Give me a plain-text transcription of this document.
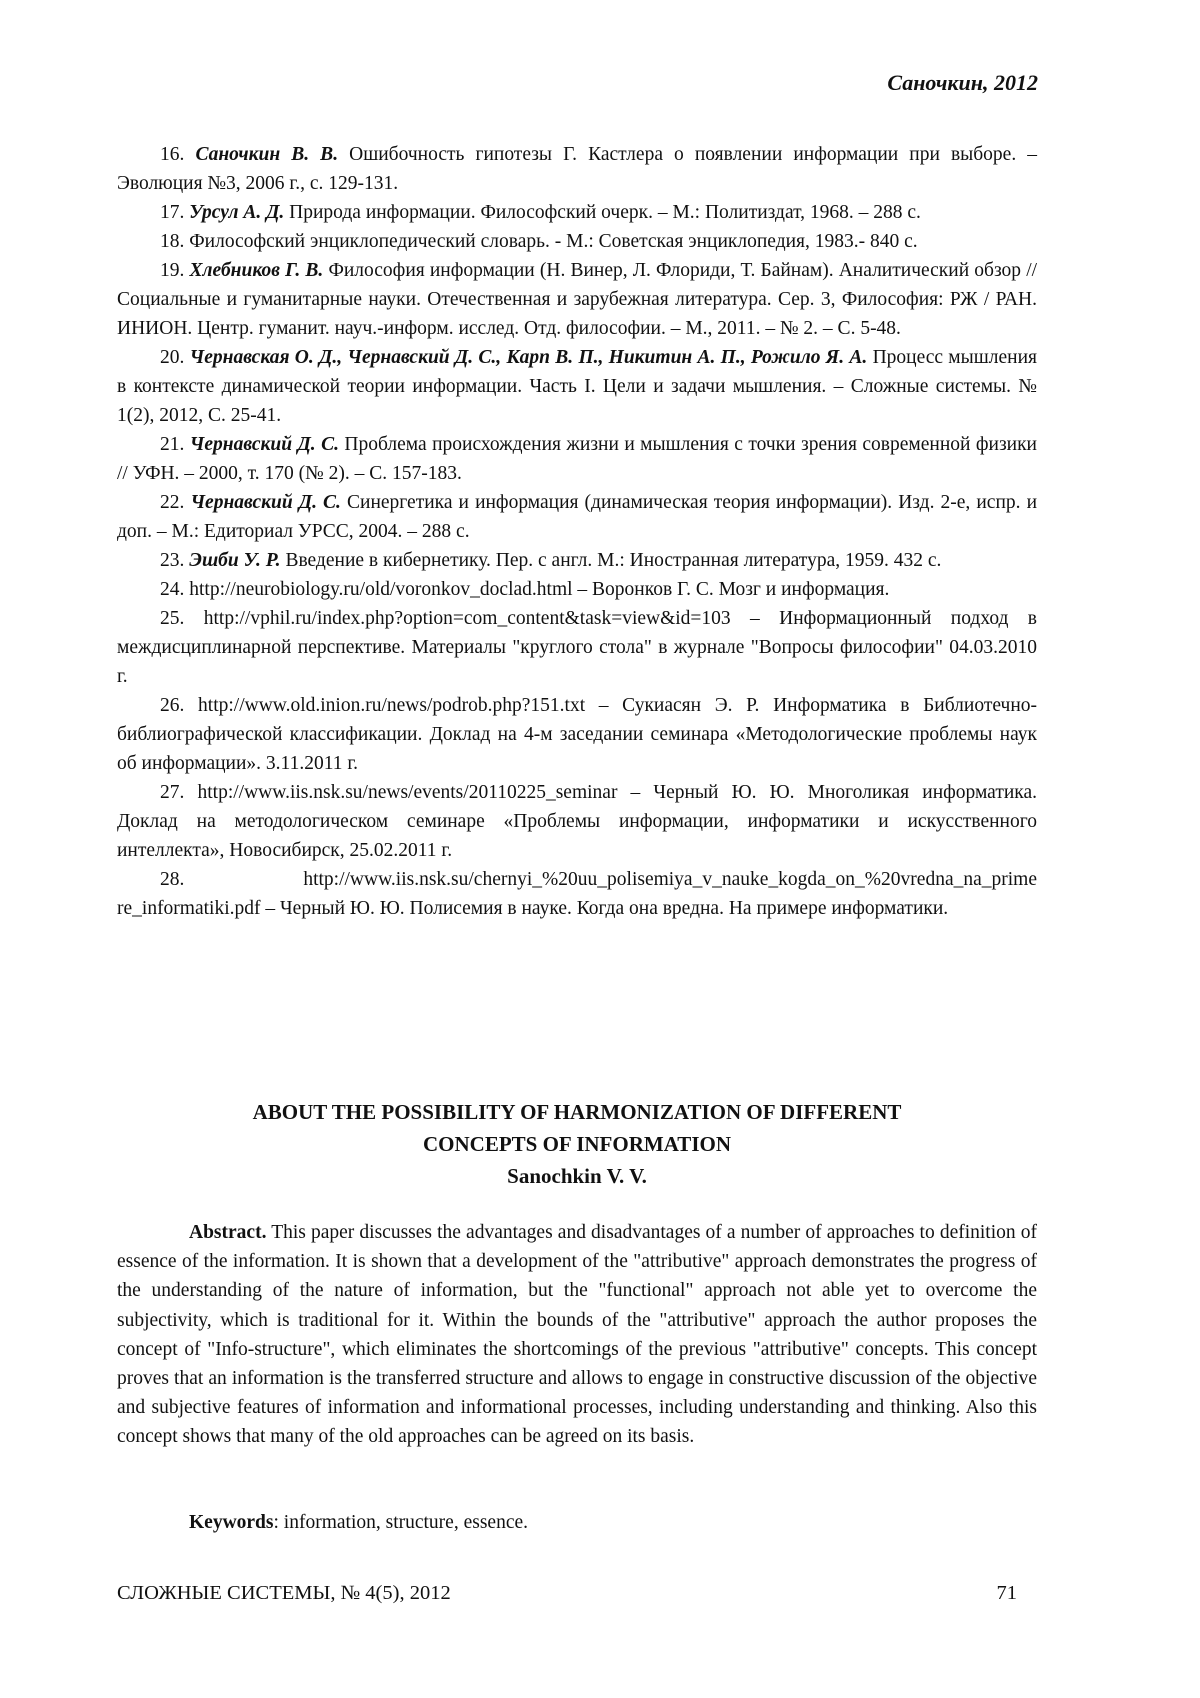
Саночкин, 2012

16. Саночкин В. В. Ошибочность гипотезы Г. Кастлера о появлении информации при выборе. – Эволюция №3, 2006 г., с. 129-131.

17. Урсул А. Д. Природа информации. Философский очерк. – М.: Политиздат, 1968. – 288 с.

18. Философский энциклопедический словарь. - М.: Советская энциклопедия, 1983.- 840 с.

19. Хлебников Г. В. Философия информации (Н. Винер, Л. Флориди, Т. Байнам). Аналитический обзор // Социальные и гуманитарные науки. Отечественная и зарубежная литература. Сер. 3, Философия: РЖ / РАН. ИНИОН. Центр. гуманит. науч.-информ. исслед. Отд. философии. – М., 2011. – № 2. – С. 5-48.

20. Чернавская О. Д., Чернавский Д. С., Карп В. П., Никитин А. П., Рожило Я. А. Процесс мышления в контексте динамической теории информации. Часть I. Цели и задачи мышления. – Сложные системы. № 1(2), 2012, С. 25-41.

21. Чернавский Д. С. Проблема происхождения жизни и мышления с точки зрения современной физики // УФН. – 2000, т. 170 (№ 2). – С. 157-183.

22. Чернавский Д. С. Синергетика и информация (динамическая теория информации). Изд. 2-е, испр. и доп. – М.: Едиториал УРСС, 2004. – 288 с.

23. Эшби У. Р. Введение в кибернетику. Пер. с англ. М.: Иностранная литература, 1959. 432 с.

24. http://neurobiology.ru/old/voronkov_doclad.html – Воронков Г. С. Мозг и информация.

25. http://vphil.ru/index.php?option=com_content&task=view&id=103 – Информационный подход в междисциплинарной перспективе. Материалы "круглого стола" в журнале "Вопросы философии" 04.03.2010 г.

26. http://www.old.inion.ru/news/podrob.php?151.txt – Сукиасян Э. Р. Информатика в Библиотечно-библиографической классификации. Доклад на 4-м заседании семинара «Методологические проблемы наук об информации». 3.11.2011 г.

27. http://www.iis.nsk.su/news/events/20110225_seminar – Черный Ю. Ю. Многоликая информатика. Доклад на методологическом семинаре «Проблемы информации, информатики и искусственного интеллекта», Новосибирск, 25.02.2011 г.

28.	http://www.iis.nsk.su/chernyi_%20uu_polisemiya_v_nauke_kogda_on_%20vredna_na_prime re_informatiki.pdf – Черный Ю. Ю. Полисемия в науке. Когда она вредна. На примере информатики.

ABOUT THE POSSIBILITY OF HARMONIZATION OF DIFFERENT
CONCEPTS OF INFORMATION
Sanochkin V. V.

Abstract. This paper discusses the advantages and disadvantages of a number of approaches to definition of essence of the information. It is shown that a development of the "attributive" approach demonstrates the progress of the understanding of the nature of information, but the "functional" approach not able yet to overcome the subjectivity, which is traditional for it. Within the bounds of the "attributive" approach the author proposes the concept of "Info-structure", which eliminates the shortcomings of the previous "attributive" concepts. This concept proves that an information is the transferred structure and allows to engage in constructive discussion of the objective and subjective features of information and informational processes, including understanding and thinking. Also this concept shows that many of the old approaches can be agreed on its basis.

Keywords: information, structure, essence.
СЛОЖНЫЕ СИСТЕМЫ, № 4(5), 2012	71
